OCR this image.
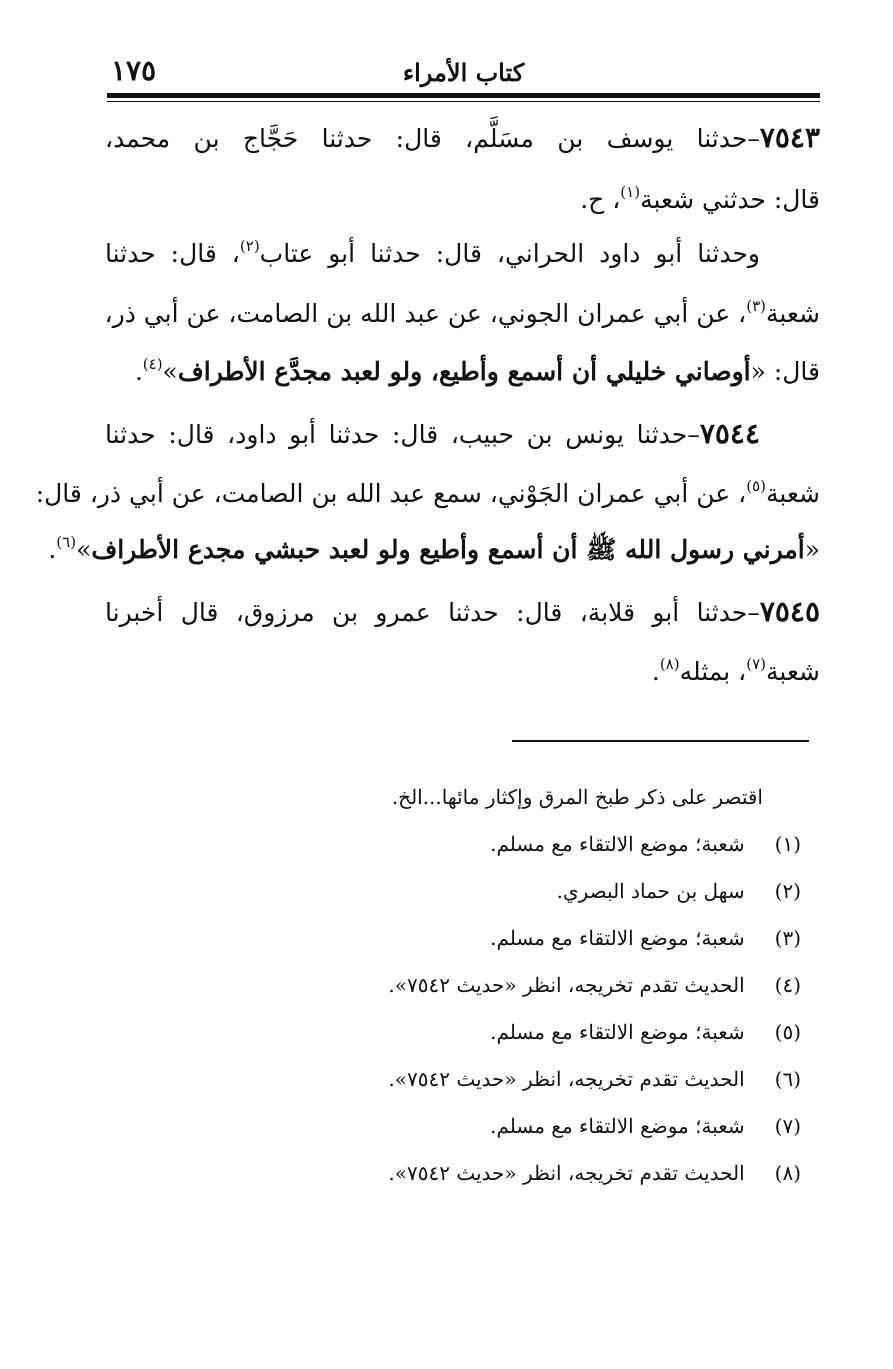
١٧٥	كتاب الأمراء
٧٥٤٣–حدثنا يوسف بن مسَلَّم، قال: حدثنا حَجَّاج بن محمد،
قال: حدثني شعبة$^{(١)}$، ح.
وحدثنا أبو داود الحراني، قال: حدثنا أبو عتاب$^{(٢)}$، قال: حدثنا
شعبة$^{(٣)}$، عن أبي عمران الجوني، عن عبد الله بن الصامت، عن أبي ذر،
قال: «أوصاني خليلي أن أسمع وأطيع، ولو لعبد مجدَّع الأطراف»$^{(٤)}$.
٧٥٤٤–حدثنا يونس بن حبيب، قال: حدثنا أبو داود، قال: حدثنا
شعبة$^{(٥)}$، عن أبي عمران الجَوْني، سمع عبد الله بن الصامت، عن أبي ذر، قال:
«أمرني رسول الله ﷺ أن أسمع وأطيع ولو لعبد حبشي مجدع الأطراف»$^{(٦)}$.
٧٥٤٥–حدثنا أبو قلابة، قال: حدثنا عمرو بن مرزوق، قال أخبرنا
شعبة$^{(٧)}$، بمثله$^{(٨)}$.
اقتصر على ذكر طبخ المرق وإكثار مائها...الخ.
(١) شعبة؛ موضع الالتقاء مع مسلم.
(٢) سهل بن حماد البصري.
(٣) شعبة؛ موضع الالتقاء مع مسلم.
(٤) الحديث تقدم تخريجه، انظر «حديث ٧٥٤٢».
(٥) شعبة؛ موضع الالتقاء مع مسلم.
(٦) الحديث تقدم تخريجه، انظر «حديث ٧٥٤٢».
(٧) شعبة؛ موضع الالتقاء مع مسلم.
(٨) الحديث تقدم تخريجه، انظر «حديث ٧٥٤٢».
